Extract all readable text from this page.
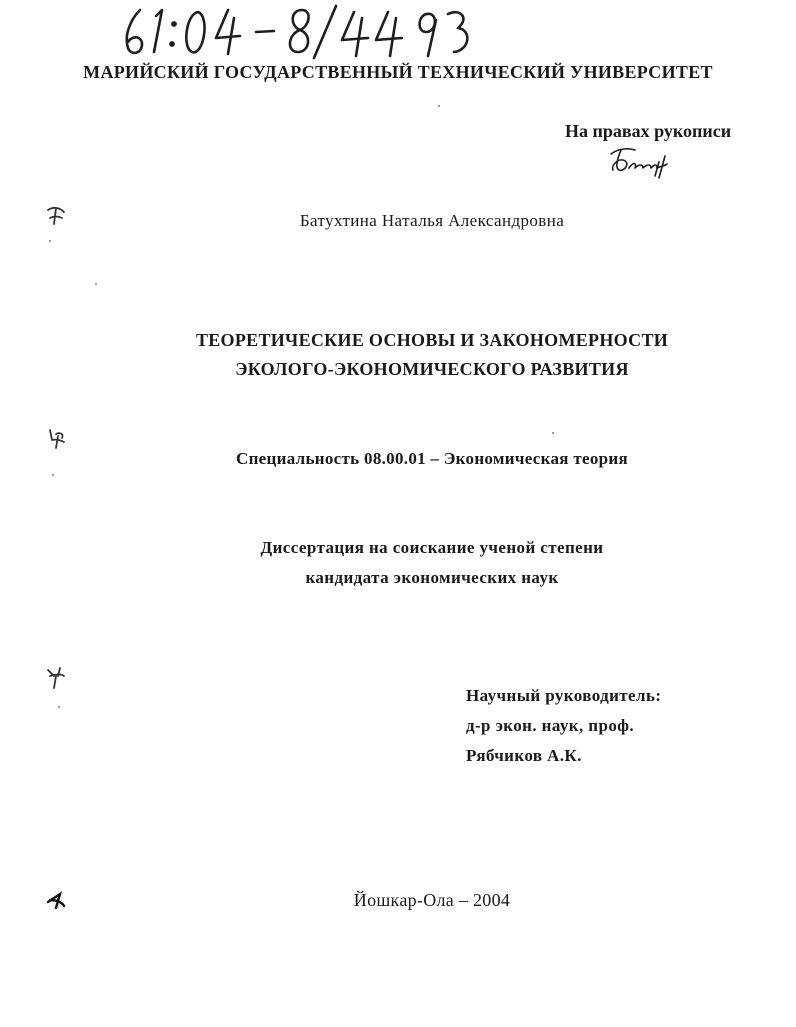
МАРИЙСКИЙ ГОСУДАРСТВЕННЫЙ ТЕХНИЧЕСКИЙ УНИВЕРСИТЕТ
На правах рукописи
Батухтина Наталья Александровна
ТЕОРЕТИЧЕСКИЕ ОСНОВЫ И ЗАКОНОМЕРНОСТИ
ЭКОЛОГО-ЭКОНОМИЧЕСКОГО РАЗВИТИЯ
Специальность 08.00.01 – Экономическая теория
Диссертация на соискание ученой степени
кандидата экономических наук
Научный руководитель:
д-р экон. наук, проф.
Рябчиков А.К.
Йошкар-Ола – 2004
